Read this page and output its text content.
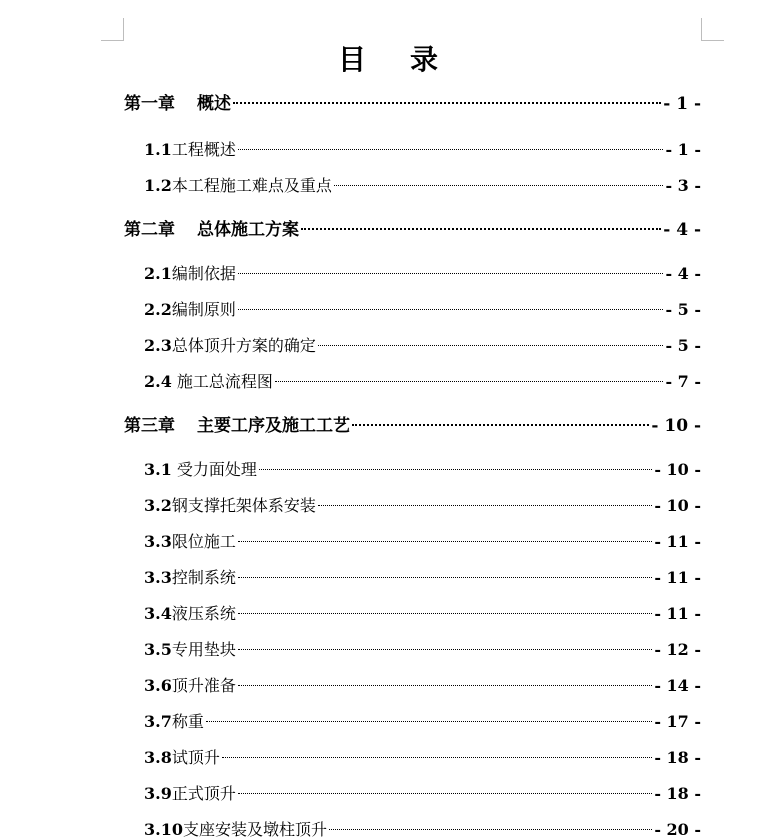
目 录
第一章 概述	- 1 -
1.1工程概述	- 1 -
1.2本工程施工难点及重点	- 3 -
第二章 总体施工方案	- 4 -
2.1编制依据	- 4 -
2.2编制原则	- 5 -
2.3总体顶升方案的确定	- 5 -
2.4 施工总流程图	- 7 -
第三章 主要工序及施工工艺	- 10 -
3.1 受力面处理	- 10 -
3.2钢支撑托架体系安装	- 10 -
3.3限位施工	- 11 -
3.3控制系统	- 11 -
3.4液压系统	- 11 -
3.5专用垫块	- 12 -
3.6顶升准备	- 14 -
3.7称重	- 17 -
3.8试顶升	- 18 -
3.9正式顶升	- 18 -
3.10支座安装及墩柱顶升	- 20 -
